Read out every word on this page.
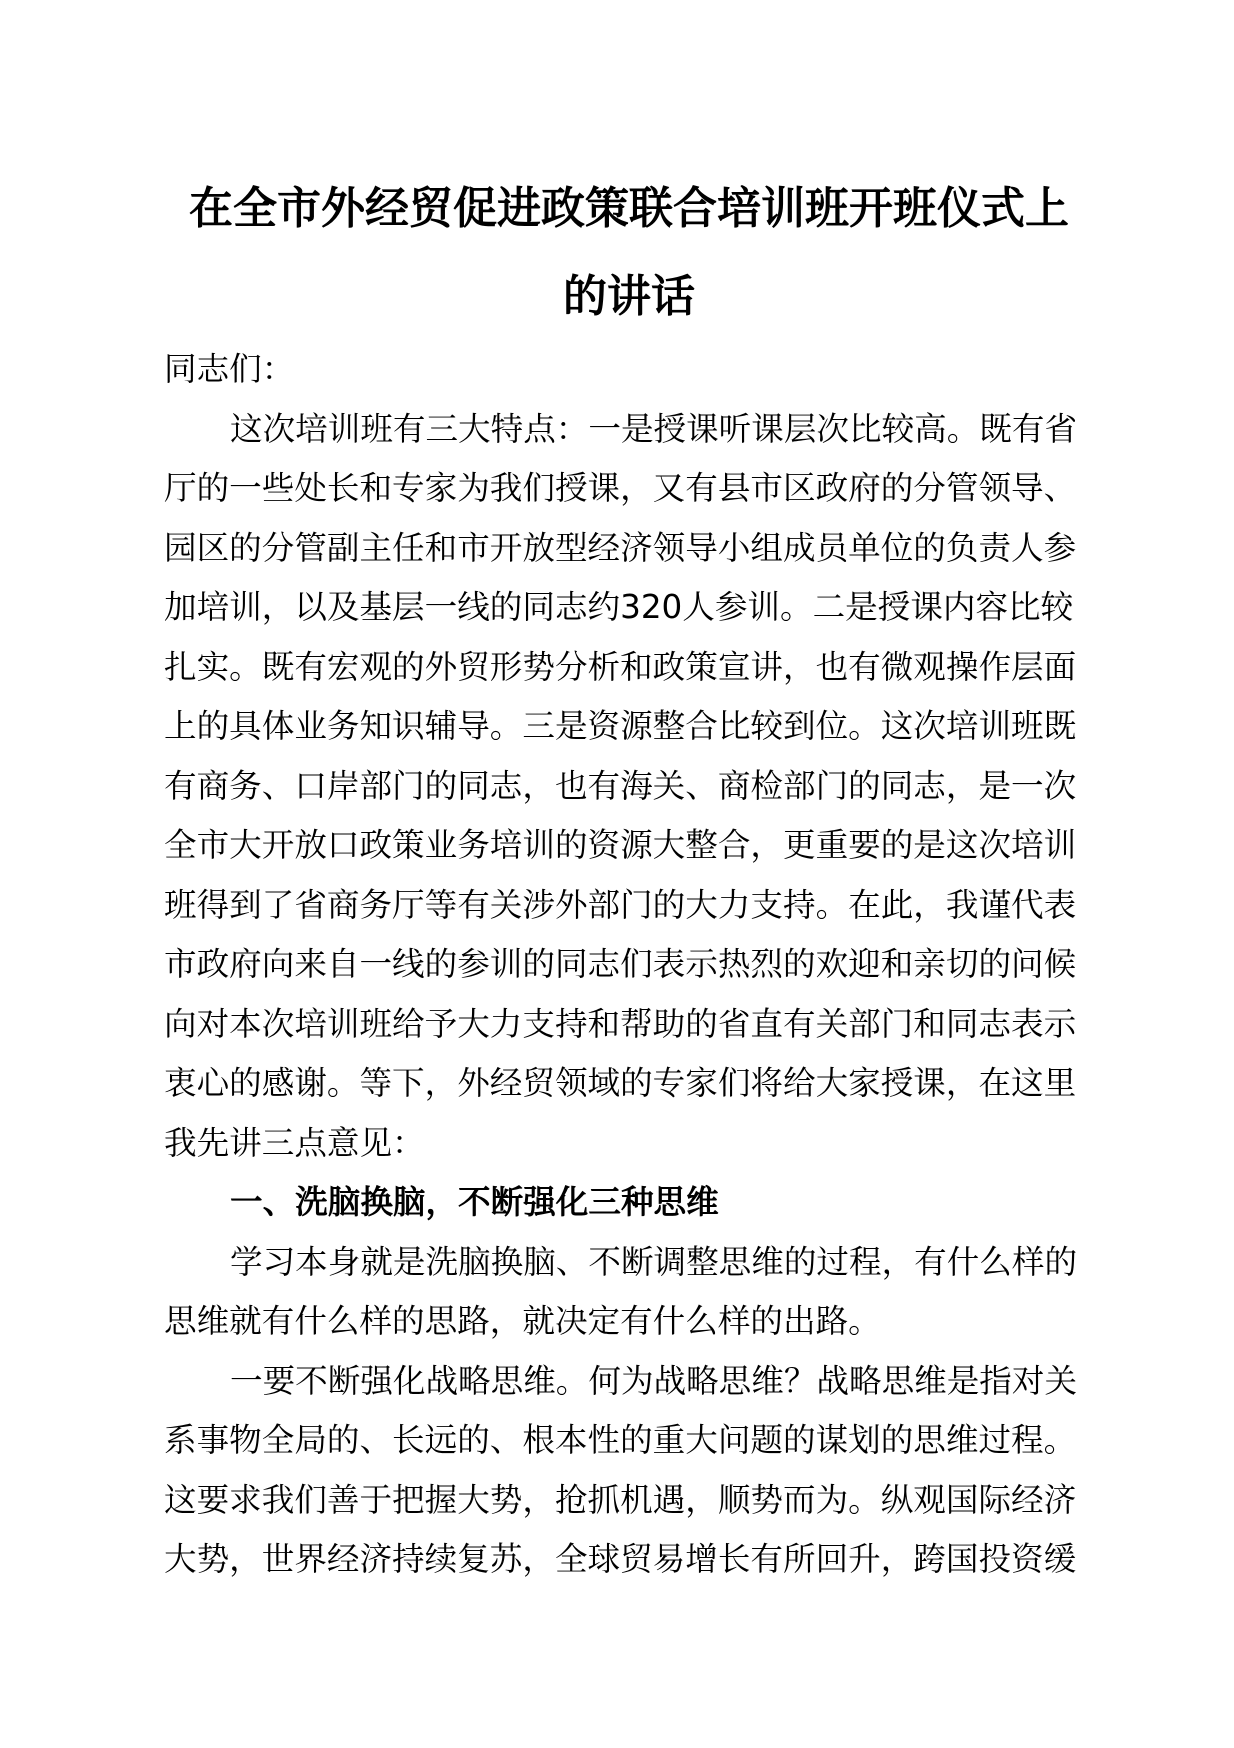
在全市外经贸促进政策联合培训班开班仪式上
的讲话
同志们：
这次培训班有三大特点：一是授课听课层次比较高。既有省
厅的一些处长和专家为我们授课，又有县市区政府的分管领导、
园区的分管副主任和市开放型经济领导小组成员单位的负责人参
加培训，以及基层一线的同志约320人参训。二是授课内容比较
扎实。既有宏观的外贸形势分析和政策宣讲，也有微观操作层面
上的具体业务知识辅导。三是资源整合比较到位。这次培训班既
有商务、口岸部门的同志，也有海关、商检部门的同志，是一次
全市大开放口政策业务培训的资源大整合，更重要的是这次培训
班得到了省商务厅等有关涉外部门的大力支持。在此，我谨代表
市政府向来自一线的参训的同志们表示热烈的欢迎和亲切的问候
向对本次培训班给予大力支持和帮助的省直有关部门和同志表示
衷心的感谢。等下，外经贸领域的专家们将给大家授课，在这里
我先讲三点意见：
一、洗脑换脑，不断强化三种思维
学习本身就是洗脑换脑、不断调整思维的过程，有什么样的
思维就有什么样的思路，就决定有什么样的出路。
一要不断强化战略思维。何为战略思维？战略思维是指对关
系事物全局的、长远的、根本性的重大问题的谋划的思维过程。
这要求我们善于把握大势，抢抓机遇，顺势而为。纵观国际经济
大势，世界经济持续复苏，全球贸易增长有所回升，跨国投资缓
